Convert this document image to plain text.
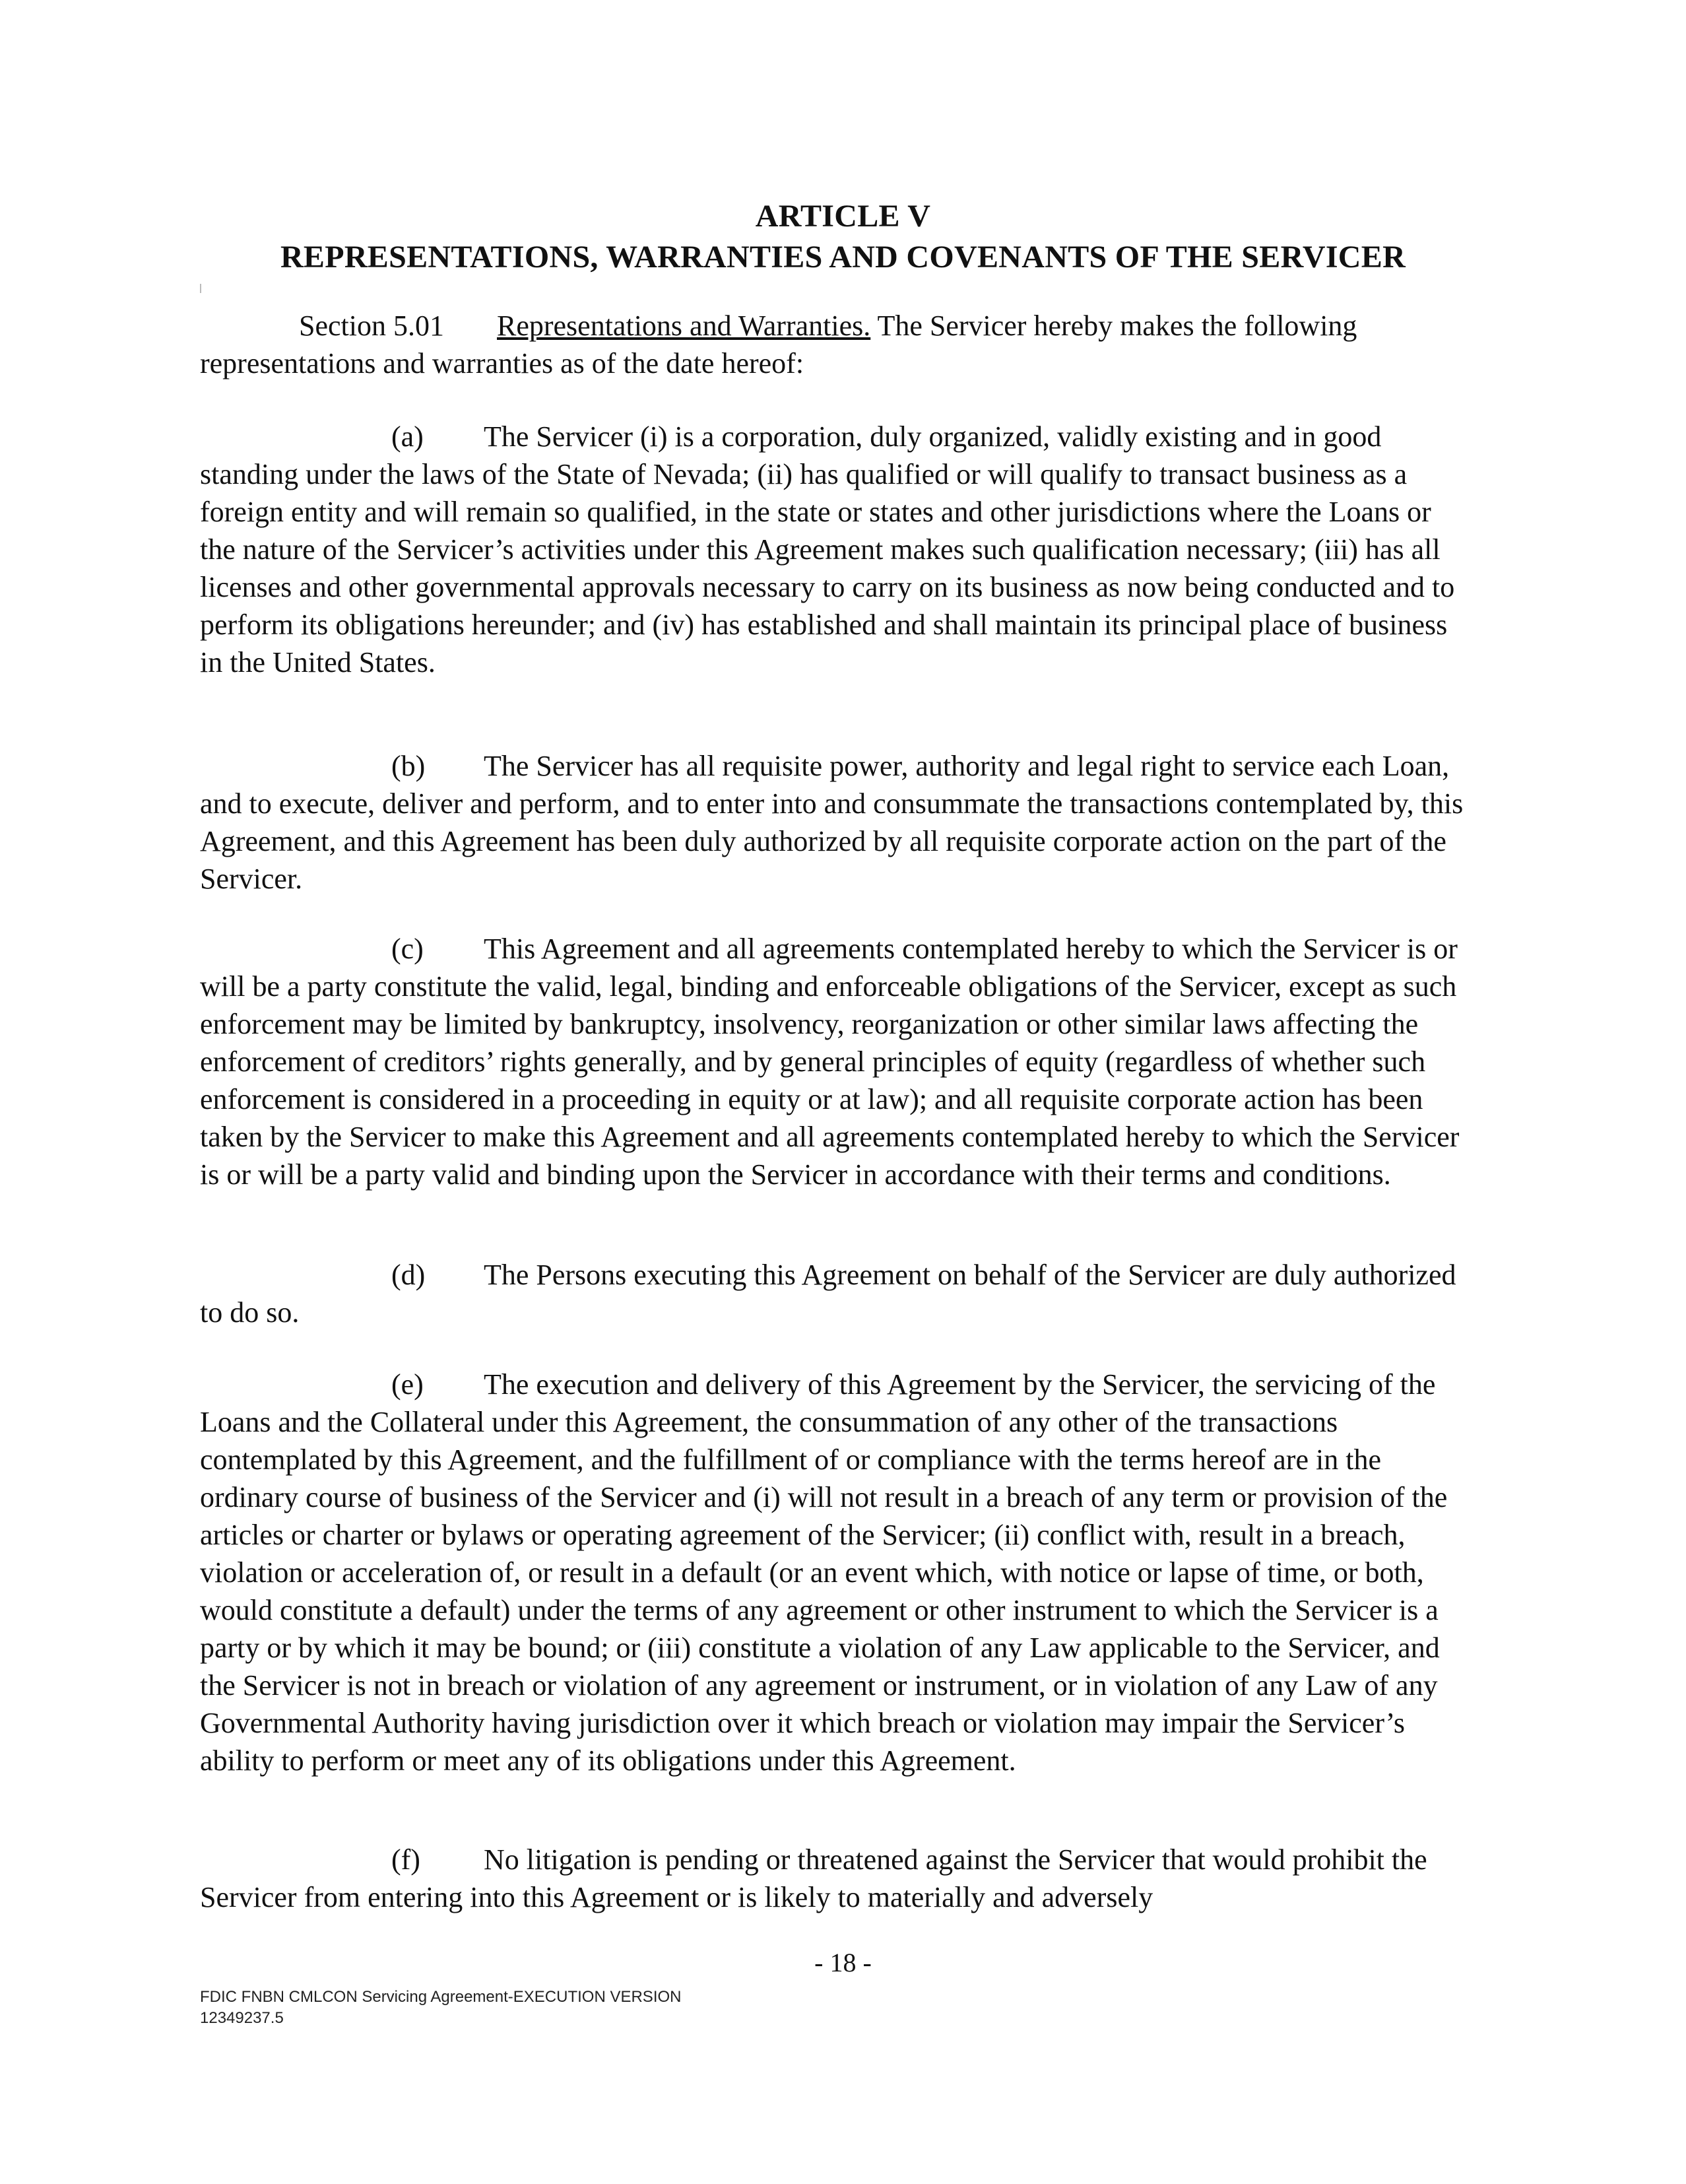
ARTICLE V
REPRESENTATIONS, WARRANTIES AND COVENANTS OF THE SERVICER

Section 5.01 Representations and Warranties. The Servicer hereby makes the following representations and warranties as of the date hereof:

(a) The Servicer (i) is a corporation, duly organized, validly existing and in good standing under the laws of the State of Nevada; (ii) has qualified or will qualify to transact business as a foreign entity and will remain so qualified, in the state or states and other jurisdictions where the Loans or the nature of the Servicer’s activities under this Agreement makes such qualification necessary; (iii) has all licenses and other governmental approvals necessary to carry on its business as now being conducted and to perform its obligations hereunder; and (iv) has established and shall maintain its principal place of business in the United States.

(b) The Servicer has all requisite power, authority and legal right to service each Loan, and to execute, deliver and perform, and to enter into and consummate the transactions contemplated by, this Agreement, and this Agreement has been duly authorized by all requisite corporate action on the part of the Servicer.

(c) This Agreement and all agreements contemplated hereby to which the Servicer is or will be a party constitute the valid, legal, binding and enforceable obligations of the Servicer, except as such enforcement may be limited by bankruptcy, insolvency, reorganization or other similar laws affecting the enforcement of creditors’ rights generally, and by general principles of equity (regardless of whether such enforcement is considered in a proceeding in equity or at law); and all requisite corporate action has been taken by the Servicer to make this Agreement and all agreements contemplated hereby to which the Servicer is or will be a party valid and binding upon the Servicer in accordance with their terms and conditions.

(d) The Persons executing this Agreement on behalf of the Servicer are duly authorized to do so.

(e) The execution and delivery of this Agreement by the Servicer, the servicing of the Loans and the Collateral under this Agreement, the consummation of any other of the transactions contemplated by this Agreement, and the fulfillment of or compliance with the terms hereof are in the ordinary course of business of the Servicer and (i) will not result in a breach of any term or provision of the articles or charter or bylaws or operating agreement of the Servicer; (ii) conflict with, result in a breach, violation or acceleration of, or result in a default (or an event which, with notice or lapse of time, or both, would constitute a default) under the terms of any agreement or other instrument to which the Servicer is a party or by which it may be bound; or (iii) constitute a violation of any Law applicable to the Servicer, and the Servicer is not in breach or violation of any agreement or instrument, or in violation of any Law of any Governmental Authority having jurisdiction over it which breach or violation may impair the Servicer’s ability to perform or meet any of its obligations under this Agreement.

(f) No litigation is pending or threatened against the Servicer that would prohibit the Servicer from entering into this Agreement or is likely to materially and adversely

- 18 -
FDIC FNBN CMLCON Servicing Agreement-EXECUTION VERSION
12349237.5
